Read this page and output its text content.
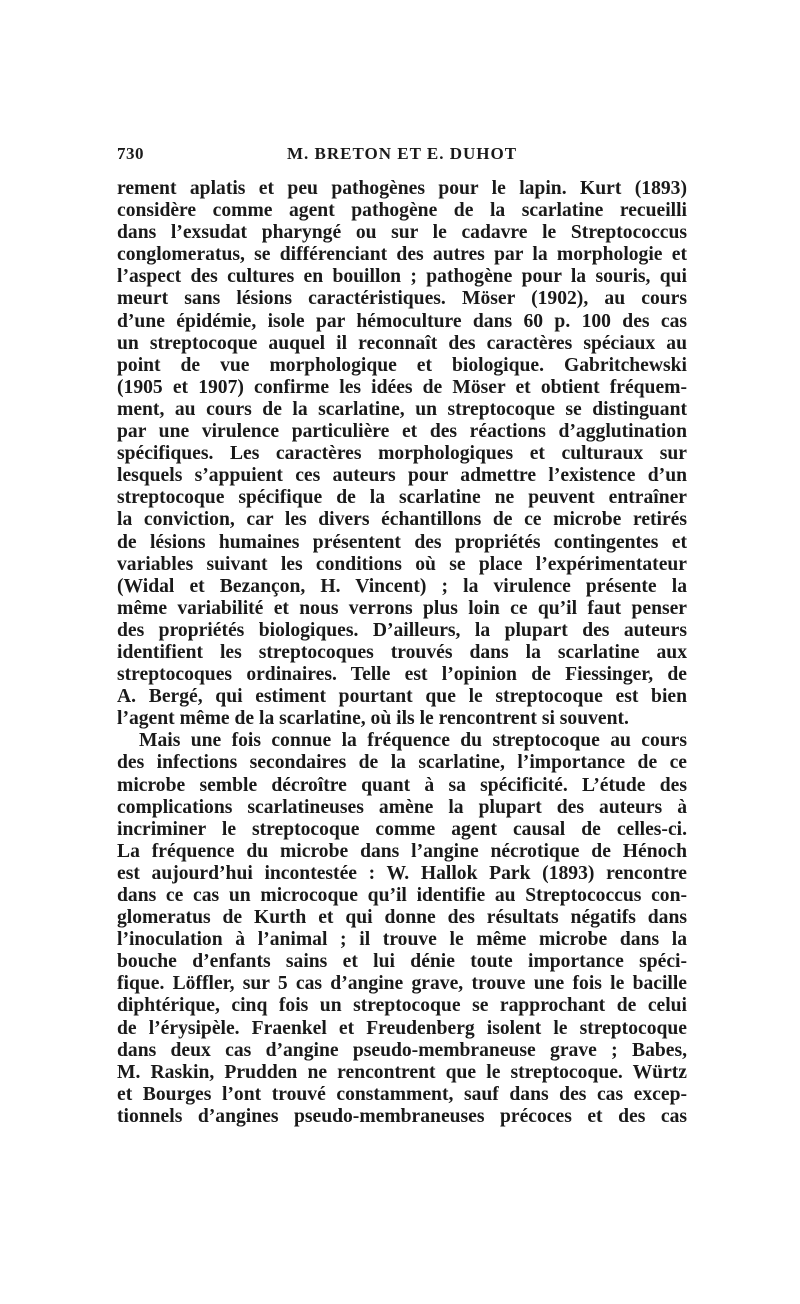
730	M. BRETON ET E. DUHOT
rement aplatis et peu pathogènes pour le lapin. Kurt (1893)
considère comme agent pathogène de la scarlatine recueilli
dans l’exsudat pharyngé ou sur le cadavre le Streptococcus
conglomeratus, se différenciant des autres par la morphologie et
l’aspect des cultures en bouillon ; pathogène pour la souris, qui
meurt sans lésions caractéristiques. Möser (1902), au cours
d’une épidémie, isole par hémoculture dans 60 p. 100 des cas
un streptocoque auquel il reconnaît des caractères spéciaux au
point de vue morphologique et biologique. Gabritchewski
(1905 et 1907) confirme les idées de Möser et obtient fréquem-
ment, au cours de la scarlatine, un streptocoque se distinguant
par une virulence particulière et des réactions d’agglutination
spécifiques. Les caractères morphologiques et culturaux sur
lesquels s’appuient ces auteurs pour admettre l’existence d’un
streptocoque spécifique de la scarlatine ne peuvent entraîner
la conviction, car les divers échantillons de ce microbe retirés
de lésions humaines présentent des propriétés contingentes et
variables suivant les conditions où se place l’expérimentateur
(Widal et Bezançon, H. Vincent) ; la virulence présente la
même variabilité et nous verrons plus loin ce qu’il faut penser
des propriétés biologiques. D’ailleurs, la plupart des auteurs
identifient les streptocoques trouvés dans la scarlatine aux
streptocoques ordinaires. Telle est l’opinion de Fiessinger, de
A. Bergé, qui estiment pourtant que le streptocoque est bien
l’agent même de la scarlatine, où ils le rencontrent si souvent.
Mais une fois connue la fréquence du streptocoque au cours
des infections secondaires de la scarlatine, l’importance de ce
microbe semble décroître quant à sa spécificité. L’étude des
complications scarlatineuses amène la plupart des auteurs à
incriminer le streptocoque comme agent causal de celles-ci.
La fréquence du microbe dans l’angine nécrotique de Hénoch
est aujourd’hui incontestée : W. Hallok Park (1893) rencontre
dans ce cas un microcoque qu’il identifie au Streptococcus con-
glomeratus de Kurth et qui donne des résultats négatifs dans
l’inoculation à l’animal ; il trouve le même microbe dans la
bouche d’enfants sains et lui dénie toute importance spéci-
fique. Löffler, sur 5 cas d’angine grave, trouve une fois le bacille
diphtérique, cinq fois un streptocoque se rapprochant de celui
de l’érysipèle. Fraenkel et Freudenberg isolent le streptocoque
dans deux cas d’angine pseudo-membraneuse grave ; Babes,
M. Raskin, Prudden ne rencontrent que le streptocoque. Würtz
et Bourges l’ont trouvé constamment, sauf dans des cas excep-
tionnels d’angines pseudo-membraneuses précoces et des cas
